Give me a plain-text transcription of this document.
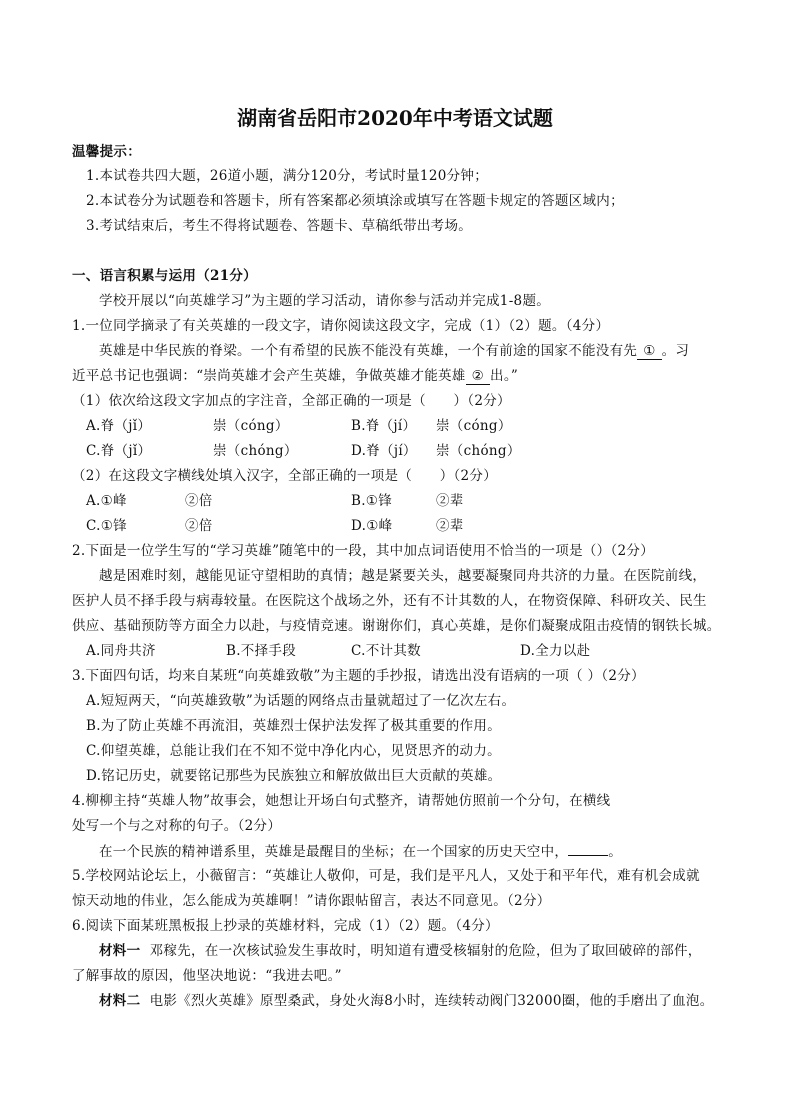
湖南省岳阳市2020年中考语文试题
温馨提示：
1.本试卷共四大题，26道小题，满分120分，考试时量120分钟；
2.本试卷分为试题卷和答题卡，所有答案都必须填涂或填写在答题卡规定的答题区域内；
3.考试结束后，考生不得将试题卷、答题卡、草稿纸带出考场。
一、语言积累与运用（21分）
学校开展以“向英雄学习”为主题的学习活动，请你参与活动并完成1-8题。
1.一位同学摘录了有关英雄的一段文字，请你阅读这段文字，完成（1）（2）题。（4分）
英雄是中华民族的脊梁。一个有希望的民族不能没有英雄，一个有前途的国家不能没有先 ① 。习
近平总书记也强调：“崇尚英雄才会产生英雄，争做英雄才能英雄 ② 出。”
（1）依次给这段文字加点的字注音，全部正确的一项是（　　）（2分）
A.脊（jǐ）	崇（cóng）	B.脊（jí） 崇（cóng）
C.脊（jǐ）	崇（chóng）	D.脊（jí） 崇（chóng）
（2）在这段文字横线处填入汉字，全部正确的一项是（　　）（2分）
A.①峰	②倍	B.①锋	②辈
C.①锋	②倍	D.①峰	②辈
2.下面是一位学生写的“学习英雄”随笔中的一段，其中加点词语使用不恰当的一项是（）（2分）
越是困难时刻，越能见证守望相助的真情；越是紧要关头，越要凝聚同舟共济的力量。在医院前线，
医护人员不择手段与病毒较量。在医院这个战场之外，还有不计其数的人，在物资保障、科研攻关、民生
供应、基础预防等方面全力以赴，与疫情竞速。谢谢你们，真心英雄，是你们凝聚成阻击疫情的钢铁长城。
A.同舟共济	B.不择手段	C.不计其数	D.全力以赴
3.下面四句话，均来自某班“向英雄致敬”为主题的手抄报，请选出没有语病的一项（ ）（2分）
A.短短两天，“向英雄致敬”为话题的网络点击量就超过了一亿次左右。
B.为了防止英雄不再流泪，英雄烈士保护法发挥了极其重要的作用。
C.仰望英雄，总能让我们在不知不觉中净化内心，见贤思齐的动力。
D.铭记历史，就要铭记那些为民族独立和解放做出巨大贡献的英雄。
4.柳柳主持“英雄人物”故事会，她想让开场白句式整齐，请帮她仿照前一个分句，在横线
处写一个与之对称的句子。（2分）
在一个民族的精神谱系里，英雄是最醒目的坐标；在一个国家的历史天空中，	。
5.学校网站论坛上，小薇留言：“英雄让人敬仰，可是，我们是平凡人，又处于和平年代，难有机会成就
惊天动地的伟业，怎么能成为英雄啊！”请你跟帖留言，表达不同意见。（2分）
6.阅读下面某班黑板报上抄录的英雄材料，完成（1）（2）题。（4分）
材料一 邓稼先，在一次核试验发生事故时，明知道有遭受核辐射的危险，但为了取回破碎的部件，
了解事故的原因，他坚决地说：“我进去吧。”
材料二 电影《烈火英雄》原型桑武，身处火海8小时，连续转动阀门32000圈，他的手磨出了血泡。
